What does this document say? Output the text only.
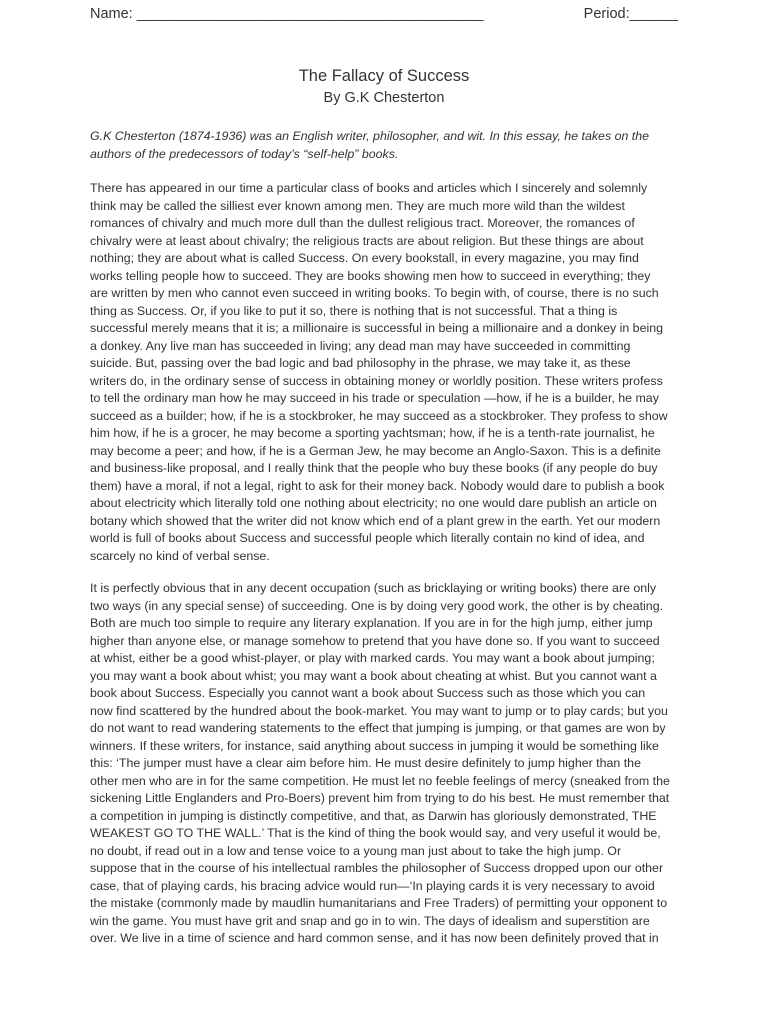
Name: ___________________________________________	Period:______
The Fallacy of Success
By G.K Chesterton
G.K Chesterton (1874-1936) was an English writer, philosopher, and wit. In this essay, he takes on the
authors of the predecessors of today’s “self-help” books.
There has appeared in our time a particular class of books and articles which I sincerely and solemnly
think may be called the silliest ever known among men. They are much more wild than the wildest
romances of chivalry and much more dull than the dullest religious tract. Moreover, the romances of
chivalry were at least about chivalry; the religious tracts are about religion. But these things are about
nothing; they are about what is called Success. On every bookstall, in every magazine, you may find
works telling people how to succeed. They are books showing men how to succeed in everything; they
are written by men who cannot even succeed in writing books. To begin with, of course, there is no such
thing as Success. Or, if you like to put it so, there is nothing that is not successful. That a thing is
successful merely means that it is; a millionaire is successful in being a millionaire and a donkey in being
a donkey. Any live man has succeeded in living; any dead man may have succeeded in committing
suicide. But, passing over the bad logic and bad philosophy in the phrase, we may take it, as these
writers do, in the ordinary sense of success in obtaining money or worldly position. These writers profess
to tell the ordinary man how he may succeed in his trade or speculation —how, if he is a builder, he may
succeed as a builder; how, if he is a stockbroker, he may succeed as a stockbroker. They profess to show
him how, if he is a grocer, he may become a sporting yachtsman; how, if he is a tenth-rate journalist, he
may become a peer; and how, if he is a German Jew, he may become an Anglo-Saxon. This is a definite
and business-like proposal, and I really think that the people who buy these books (if any people do buy
them) have a moral, if not a legal, right to ask for their money back. Nobody would dare to publish a book
about electricity which literally told one nothing about electricity; no one would dare publish an article on
botany which showed that the writer did not know which end of a plant grew in the earth. Yet our modern
world is full of books about Success and successful people which literally contain no kind of idea, and
scarcely no kind of verbal sense.
It is perfectly obvious that in any decent occupation (such as bricklaying or writing books) there are only
two ways (in any special sense) of succeeding. One is by doing very good work, the other is by cheating.
Both are much too simple to require any literary explanation. If you are in for the high jump, either jump
higher than anyone else, or manage somehow to pretend that you have done so. If you want to succeed
at whist, either be a good whist-player, or play with marked cards. You may want a book about jumping;
you may want a book about whist; you may want a book about cheating at whist. But you cannot want a
book about Success. Especially you cannot want a book about Success such as those which you can
now find scattered by the hundred about the book-market. You may want to jump or to play cards; but you
do not want to read wandering statements to the effect that jumping is jumping, or that games are won by
winners. If these writers, for instance, said anything about success in jumping it would be something like
this: ‘The jumper must have a clear aim before him. He must desire definitely to jump higher than the
other men who are in for the same competition. He must let no feeble feelings of mercy (sneaked from the
sickening Little Englanders and Pro-Boers) prevent him from trying to do his best. He must remember that
a competition in jumping is distinctly competitive, and that, as Darwin has gloriously demonstrated, THE
WEAKEST GO TO THE WALL.’ That is the kind of thing the book would say, and very useful it would be,
no doubt, if read out in a low and tense voice to a young man just about to take the high jump. Or
suppose that in the course of his intellectual rambles the philosopher of Success dropped upon our other
case, that of playing cards, his bracing advice would run—‘In playing cards it is very necessary to avoid
the mistake (commonly made by maudlin humanitarians and Free Traders) of permitting your opponent to
win the game. You must have grit and snap and go in to win. The days of idealism and superstition are
over. We live in a time of science and hard common sense, and it has now been definitely proved that in
